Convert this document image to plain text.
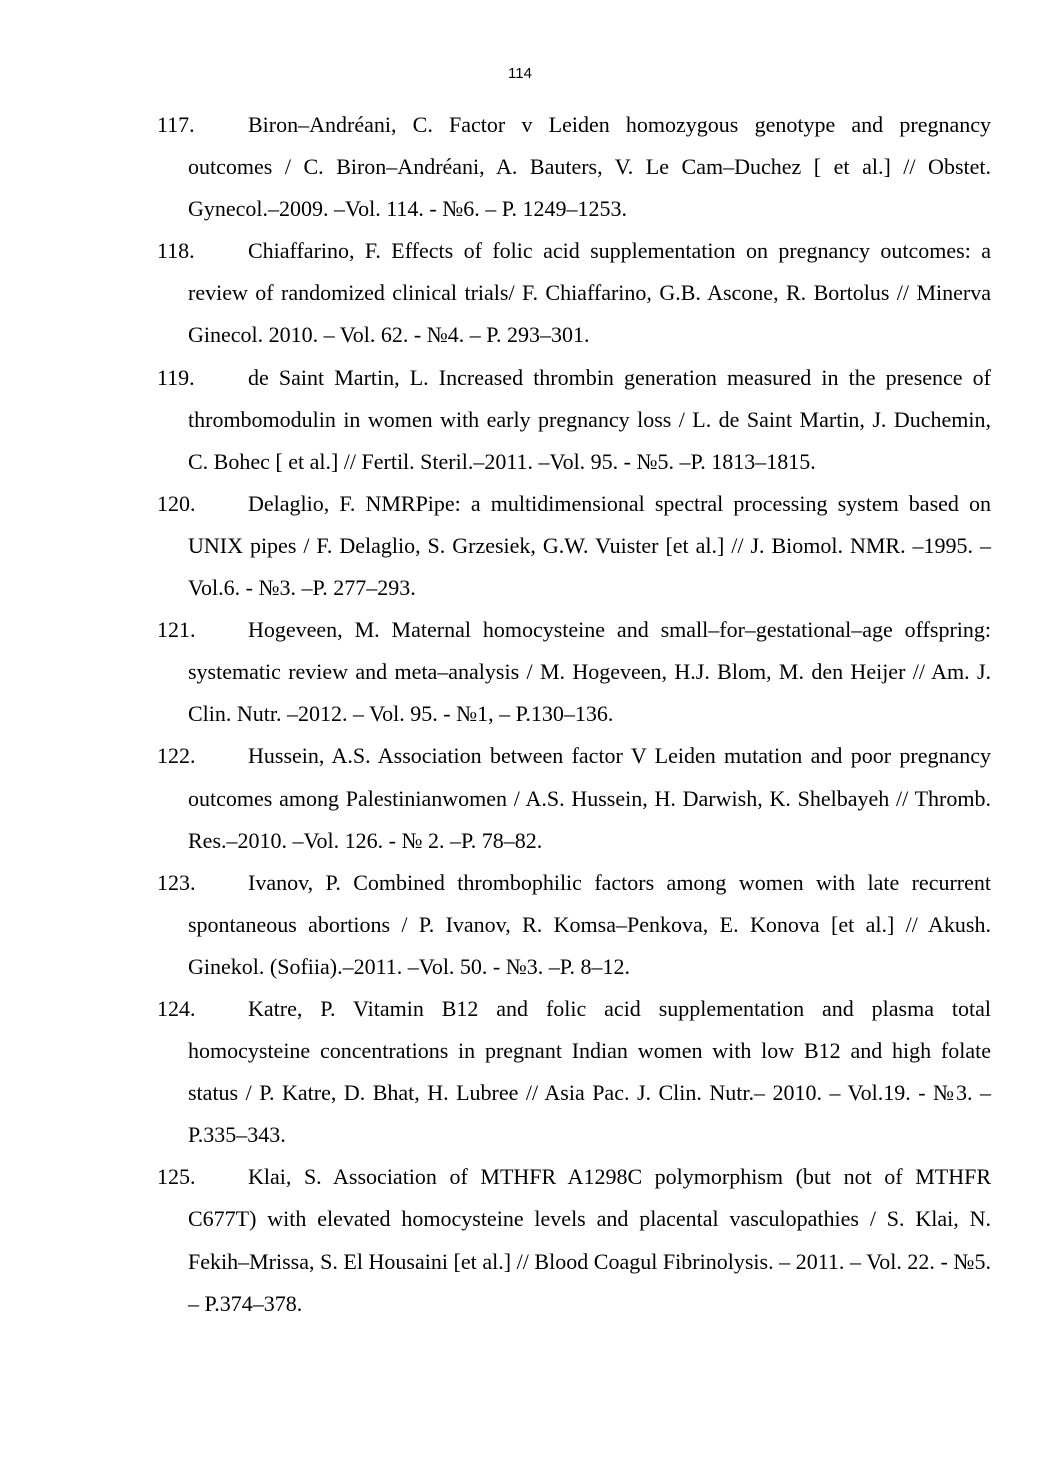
114
117. Biron–Andréani, C. Factor v Leiden homozygous genotype and pregnancy outcomes / C. Biron–Andréani, A. Bauters, V. Le Cam–Duchez [ et al.] // Obstet. Gynecol.–2009. –Vol. 114. - №6. – P. 1249–1253.
118. Chiaffarino, F. Effects of folic acid supplementation on pregnancy outcomes: a review of randomized clinical trials/ F. Chiaffarino, G.B. Ascone, R. Bortolus // Minerva Ginecol. 2010. – Vol. 62. - №4. – P. 293–301.
119. de Saint Martin, L. Increased thrombin generation measured in the presence of thrombomodulin in women with early pregnancy loss / L. de Saint Martin, J. Duchemin, C. Bohec [ et al.] // Fertil. Steril.–2011. –Vol. 95. - №5. –P. 1813–1815.
120. Delaglio, F. NMRPipe: a multidimensional spectral processing system based on UNIX pipes / F. Delaglio, S. Grzesiek, G.W. Vuister [et al.] // J. Biomol. NMR. –1995. –Vol.6. - №3. –P. 277–293.
121. Hogeveen, M. Maternal homocysteine and small–for–gestational–age offspring: systematic review and meta–analysis / M. Hogeveen, H.J. Blom, M. den Heijer // Am. J. Clin. Nutr. –2012. – Vol. 95. - №1, – P.130–136.
122. Hussein, A.S. Association between factor V Leiden mutation and poor pregnancy outcomes among Palestinianwomen / A.S. Hussein, H. Darwish, K. Shelbayeh // Thromb. Res.–2010. –Vol. 126. - № 2. –P. 78–82.
123. Ivanov, P. Combined thrombophilic factors among women with late recurrent spontaneous abortions / P. Ivanov, R. Komsa–Penkova, E. Konova [et al.] // Akush. Ginekol. (Sofiia).–2011. –Vol. 50. - №3. –P. 8–12.
124. Katre, P. Vitamin B12 and folic acid supplementation and plasma total homocysteine concentrations in pregnant Indian women with low B12 and high folate status / P. Katre, D. Bhat, H. Lubree // Asia Pac. J. Clin. Nutr.– 2010. – Vol.19. - №3. – P.335–343.
125. Klai, S. Association of MTHFR A1298C polymorphism (but not of MTHFR C677T) with elevated homocysteine levels and placental vasculopathies / S. Klai, N. Fekih–Mrissa, S. El Housaini [et al.] // Blood Coagul Fibrinolysis. – 2011. – Vol. 22. - №5. – P.374–378.
